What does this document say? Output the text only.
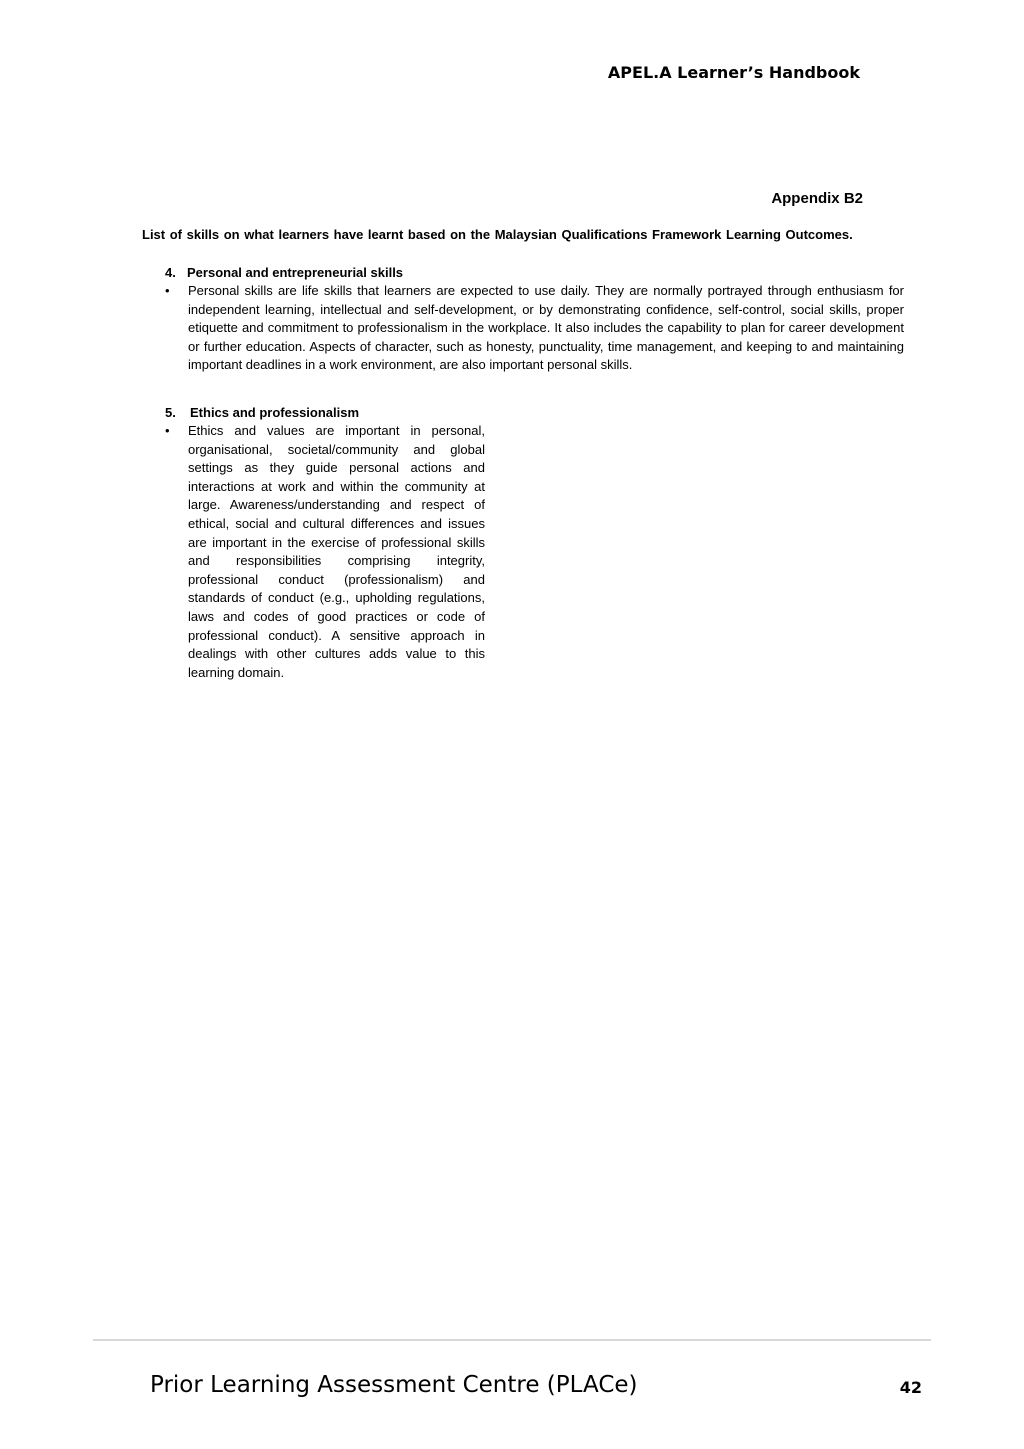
APEL.A Learner’s Handbook
Appendix B2
List of skills on what learners have learnt based on the Malaysian Qualifications Framework Learning Outcomes.
4. Personal and entrepreneurial skills
• Personal skills are life skills that learners are expected to use daily. They are normally portrayed through enthusiasm for independent learning, intellectual and self-development, or by demonstrating confidence, self-control, social skills, proper etiquette and commitment to professionalism in the workplace. It also includes the capability to plan for career development or further education. Aspects of character, such as honesty, punctuality, time management, and keeping to and maintaining important deadlines in a work environment, are also important personal skills.
5. Ethics and professionalism
• Ethics and values are important in personal, organisational, societal/community and global settings as they guide personal actions and interactions at work and within the community at large. Awareness/understanding and respect of ethical, social and cultural differences and issues are important in the exercise of professional skills and responsibilities comprising integrity, professional conduct (professionalism) and standards of conduct (e.g., upholding regulations, laws and codes of good practices or code of professional conduct). A sensitive approach in dealings with other cultures adds value to this learning domain.
Prior Learning Assessment Centre (PLACe)	42
